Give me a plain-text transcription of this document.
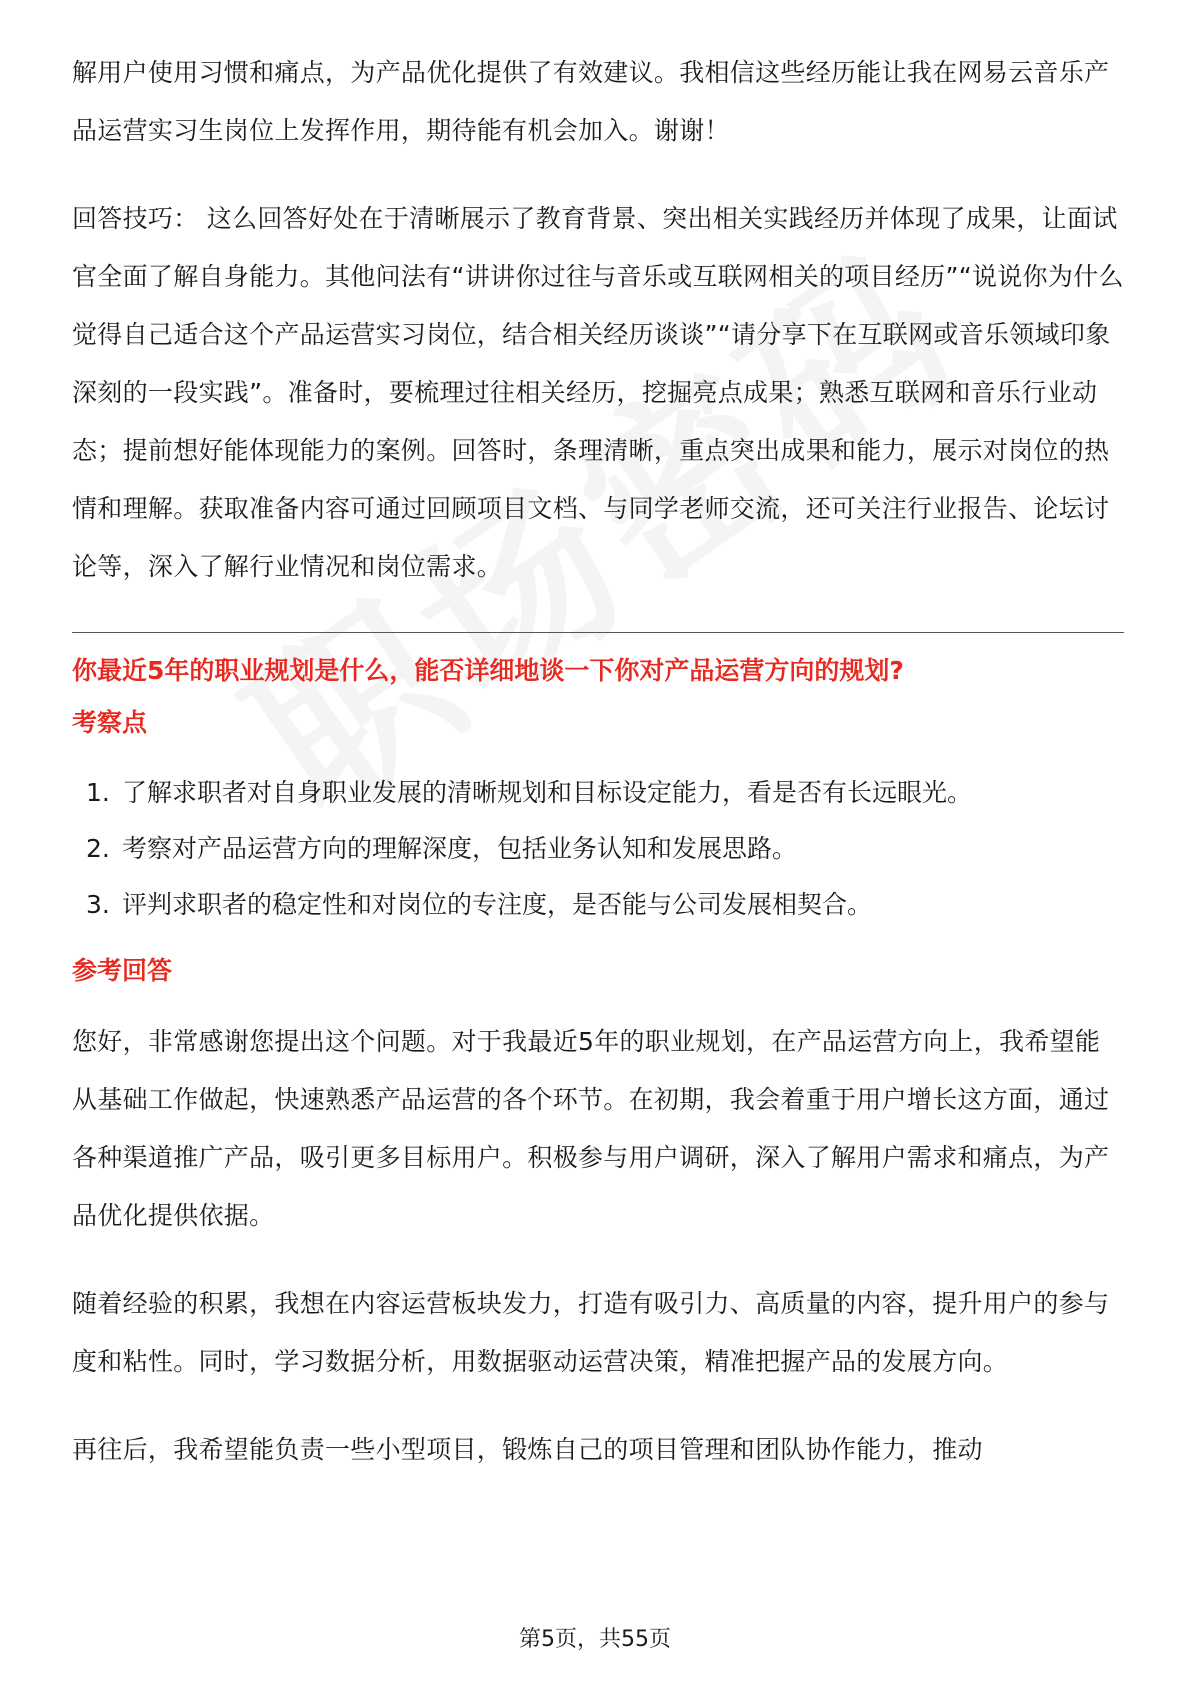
解用户使用习惯和痛点，为产品优化提供了有效建议。我相信这些经历能让我在网易云音乐产品运营实习生岗位上发挥作用，期待能有机会加入。谢谢！

回答技巧： 这么回答好处在于清晰展示了教育背景、突出相关实践经历并体现了成果，让面试官全面了解自身能力。其他问法有“讲讲你过往与音乐或互联网相关的项目经历”“说说你为什么觉得自己适合这个产品运营实习岗位，结合相关经历谈谈”“请分享下在互联网或音乐领域印象深刻的一段实践”。准备时，要梳理过往相关经历，挖掘亮点成果；熟悉互联网和音乐行业动态；提前想好能体现能力的案例。回答时，条理清晰，重点突出成果和能力，展示对岗位的热情和理解。获取准备内容可通过回顾项目文档、与同学老师交流，还可关注行业报告、论坛讨论等，深入了解行业情况和岗位需求。

你最近5年的职业规划是什么，能否详细地谈一下你对产品运营方向的规划?

考察点

1. 了解求职者对自身职业发展的清晰规划和目标设定能力，看是否有长远眼光。
2. 考察对产品运营方向的理解深度，包括业务认知和发展思路。
3. 评判求职者的稳定性和对岗位的专注度，是否能与公司发展相契合。

参考回答

您好，非常感谢您提出这个问题。对于我最近5年的职业规划，在产品运营方向上，我希望能从基础工作做起，快速熟悉产品运营的各个环节。在初期，我会着重于用户增长这方面，通过各种渠道推广产品，吸引更多目标用户。积极参与用户调研，深入了解用户需求和痛点，为产品优化提供依据。

随着经验的积累，我想在内容运营板块发力，打造有吸引力、高质量的内容，提升用户的参与度和粘性。同时，学习数据分析，用数据驱动运营决策，精准把握产品的发展方向。

再往后，我希望能负责一些小型项目，锻炼自己的项目管理和团队协作能力，推动

第5页，共55页
